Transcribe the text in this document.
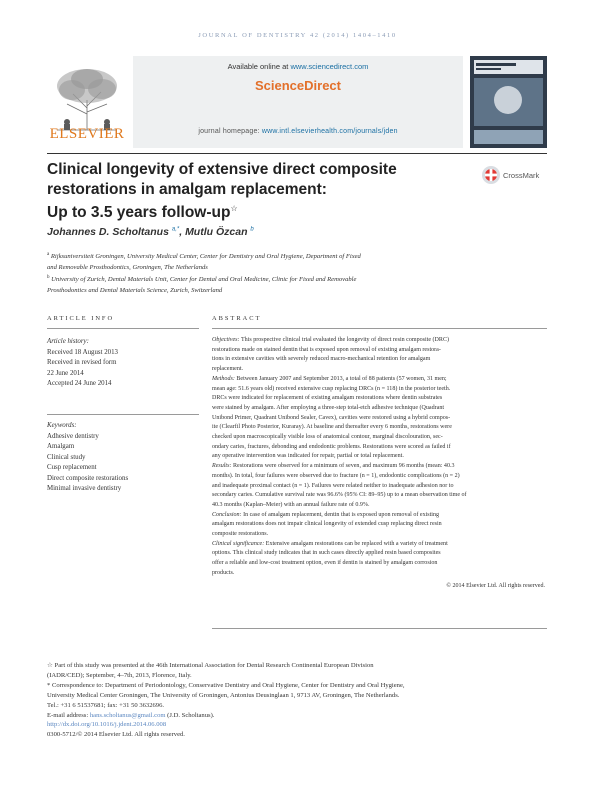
JOURNAL OF DENTISTRY 42 (2014) 1404–1410
ELSEVIER
Available online at www.sciencedirect.com
ScienceDirect
journal homepage: www.intl.elsevierhealth.com/journals/jden
Clinical longevity of extensive direct composite
restorations in amalgam replacement:
Up to 3.5 years follow-up☆
CrossMark
Johannes D. Scholtanus $^{a,*}$, Mutlu Özcan $^b$
$^a$ Rijksuniversiteit Groningen, University Medical Center, Center for Dentistry and Oral Hygiene, Department of Fixed
and Removable Prosthodontics, Groningen, The Netherlands
$^b$ University of Zurich, Dental Materials Unit, Center for Dental and Oral Medicine, Clinic for Fixed and Removable
Prosthodontics and Dental Materials Science, Zurich, Switzerland
ARTICLE INFO
Article history:
Received 18 August 2013
Received in revised form
22 June 2014
Accepted 24 June 2014
Keywords:
Adhesive dentistry
Amalgam
Clinical study
Cusp replacement
Direct composite restorations
Minimal invasive dentistry
ABSTRACT
Objectives: This prospective clinical trial evaluated the longevity of direct resin composite (DRC)
restorations made on stained dentin that is exposed upon removal of existing amalgam restora-
tions in extensive cavities with severely reduced macro-mechanical retention for amalgam
replacement.
Methods: Between January 2007 and September 2013, a total of 88 patients (57 women, 31 men;
mean age: 51.6 years old) received extensive cusp replacing DRCs (n = 118) in the posterior teeth.
DRCs were indicated for replacement of existing amalgam restorations where dentin substrates
were stained by amalgam. After employing a three-step total-etch adhesive technique (Quadrant
Unibond Primer, Quadrant Unibond Sealer, Cavex), cavities were restored using a hybrid compos-
ite (Clearfil Photo Posterior, Kuraray). At baseline and thereafter every 6 months, restorations were
checked upon macroscopically visible loss of anatomical contour, marginal discolouration, sec-
ondary caries, fractures, debonding and endodontic problems. Restorations were scored as failed if
any operative intervention was indicated for repair, partial or total replacement.
Results: Restorations were observed for a minimum of seven, and maximum 96 months (mean: 40.3
months). In total, four failures were observed due to fracture (n = 1), endodontic complications (n = 2)
and inadequate proximal contact (n = 1). Failures were related neither to inadequate adhesion nor to
secondary caries. Cumulative survival rate was 96.6% (95% CI: 89–95) up to a mean observation time of
40.3 months (Kaplan–Meier) with an annual failure rate of 0.9%.
Conclusion: In case of amalgam replacement, dentin that is exposed upon removal of existing
amalgam restorations does not impair clinical longevity of extended cusp replacing direct resin
composite restorations.
Clinical significance: Extensive amalgam restorations can be replaced with a variety of treatment
options. This clinical study indicates that in such cases directly applied resin based composites
offer a reliable and low-cost treatment option, even if dentin is stained by amalgam corrosion
products.
© 2014 Elsevier Ltd. All rights reserved.
☆ Part of this study was presented at the 46th International Association for Dental Research Continental European Division
(IADR/CED); September, 4–7th, 2013, Florence, Italy.
* Correspondence to: Department of Periodontology, Conservative Dentistry and Oral Hygiene, Center for Dentistry and Oral Hygiene,
University Medical Center Groningen, The University of Groningen, Antonius Deusinglaan 1, 9713 AV, Groningen, The Netherlands.
Tel.: +31 6 51537681; fax: +31 50 3632696.
E-mail address: hans.scholtanus@gmail.com (J.D. Scholtanus).
http://dx.doi.org/10.1016/j.jdent.2014.06.008
0300-5712/© 2014 Elsevier Ltd. All rights reserved.
